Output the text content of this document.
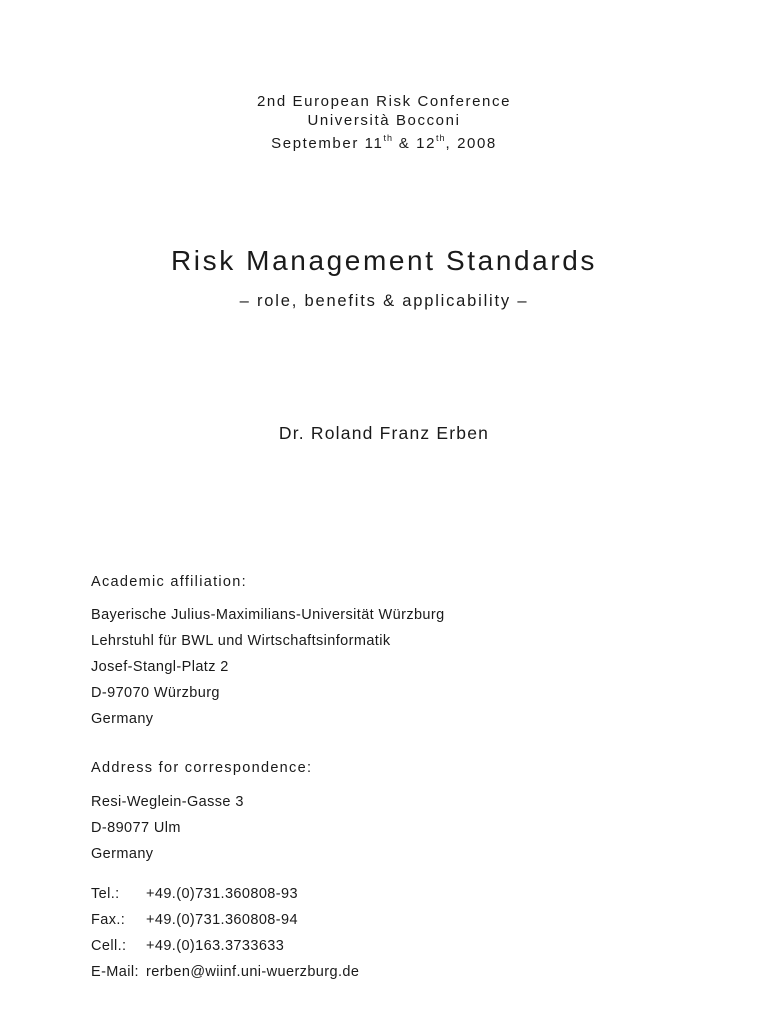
2nd European Risk Conference
Università Bocconi
September 11th & 12th, 2008
Risk Management Standards
– role, benefits & applicability –
Dr. Roland Franz Erben
Academic affiliation:
Bayerische Julius-Maximilians-Universität Würzburg
Lehrstuhl für BWL und Wirtschaftsinformatik
Josef-Stangl-Platz 2
D-97070 Würzburg
Germany
Address for correspondence:
Resi-Weglein-Gasse 3
D-89077 Ulm
Germany
Tel.:	+49.(0)731.360808-93
Fax.:	+49.(0)731.360808-94
Cell.:	+49.(0)163.3733633
E-Mail: rerben@wiinf.uni-wuerzburg.de
